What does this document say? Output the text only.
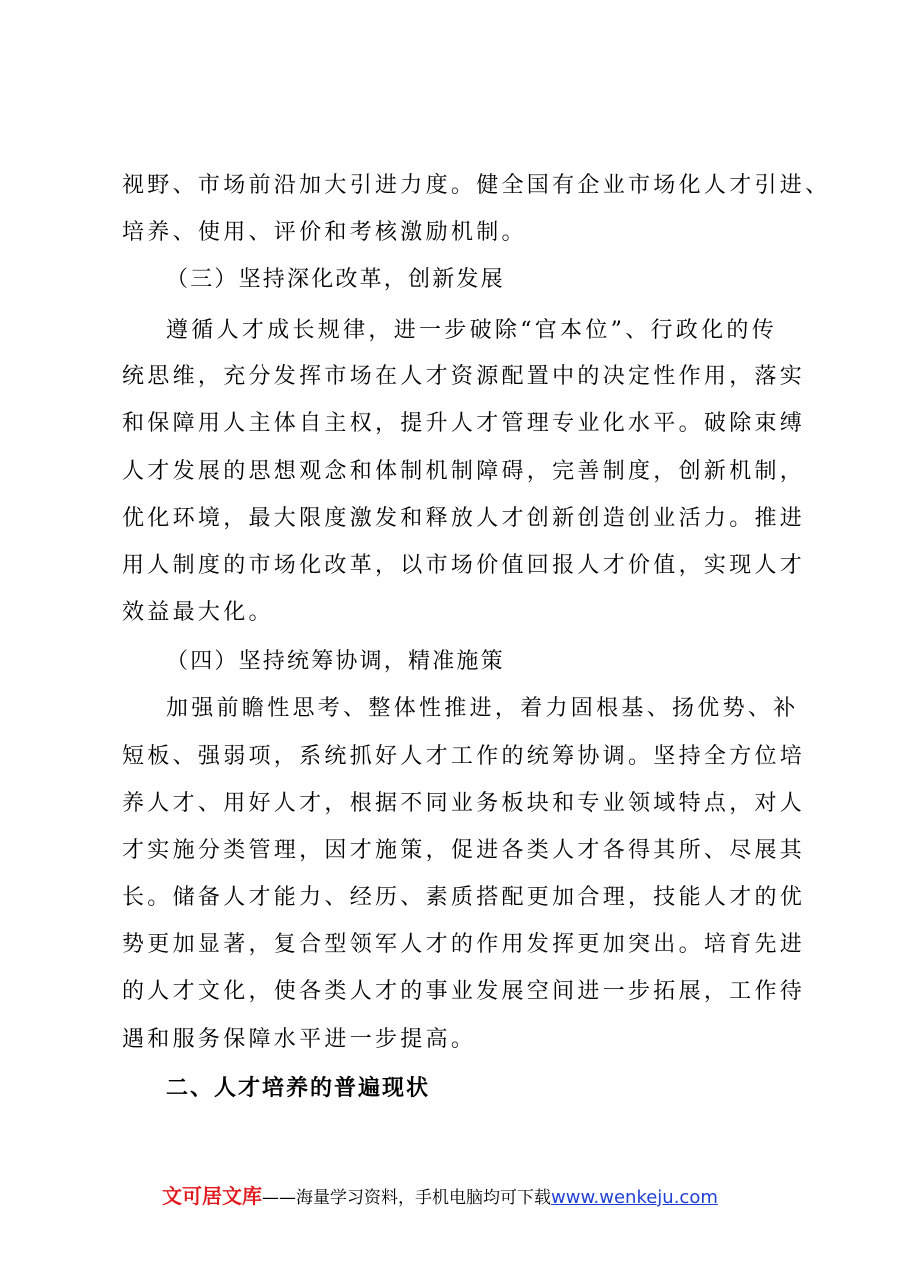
视野、市场前沿加大引进力度。健全国有企业市场化人才引进、
培养、使用、评价和考核激励机制。
（三）坚持深化改革，创新发展
遵循人才成长规律，进一步破除“官本位”、行政化的传
统思维，充分发挥市场在人才资源配置中的决定性作用，落实
和保障用人主体自主权，提升人才管理专业化水平。破除束缚
人才发展的思想观念和体制机制障碍，完善制度，创新机制，
优化环境，最大限度激发和释放人才创新创造创业活力。推进
用人制度的市场化改革，以市场价值回报人才价值，实现人才
效益最大化。
（四）坚持统筹协调，精准施策
加强前瞻性思考、整体性推进，着力固根基、扬优势、补
短板、强弱项，系统抓好人才工作的统筹协调。坚持全方位培
养人才、用好人才，根据不同业务板块和专业领域特点，对人
才实施分类管理，因才施策，促进各类人才各得其所、尽展其
长。储备人才能力、经历、素质搭配更加合理，技能人才的优
势更加显著，复合型领军人才的作用发挥更加突出。培育先进
的人才文化，使各类人才的事业发展空间进一步拓展，工作待
遇和服务保障水平进一步提高。
二、人才培养的普遍现状
文可居文库——海量学习资料，手机电脑均可下载www.wenkeju.com
